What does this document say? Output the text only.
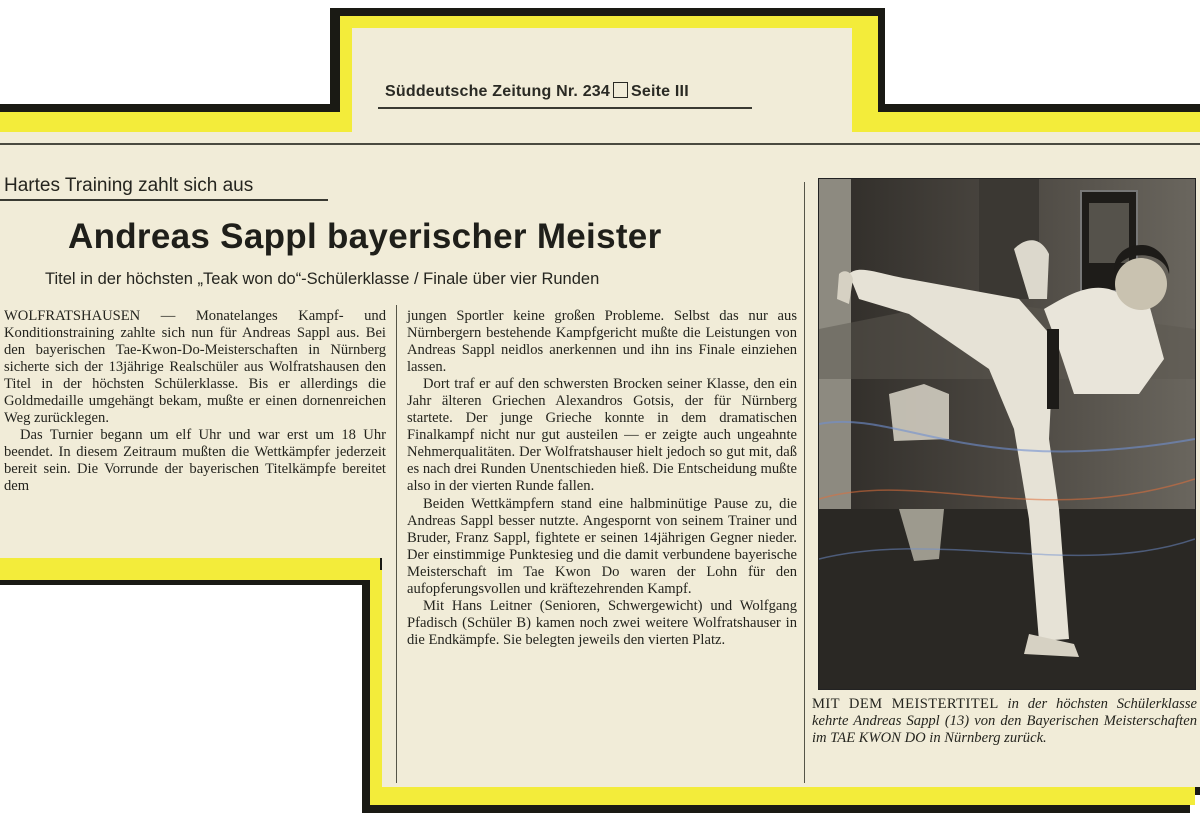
Süddeutsche Zeitung Nr. 234 Seite III
Hartes Training zahlt sich aus
Andreas Sappl bayerischer Meister
Titel in der höchsten „Teak won do“-Schülerklasse / Finale über vier Runden

WOLFRATSHAUSEN — Monatelanges Kampf- und Konditionstraining zahlte sich nun für Andreas Sappl aus. Bei den bayerischen Tae-Kwon-Do-Meisterschaften in Nürnberg sicherte sich der 13jährige Realschüler aus Wolfratshausen den Titel in der höchsten Schülerklasse. Bis er allerdings die Goldmedaille umgehängt bekam, mußte er einen dornenreichen Weg zurücklegen.

Das Turnier begann um elf Uhr und war erst um 18 Uhr beendet. In diesem Zeitraum mußten die Wettkämpfer jederzeit bereit sein. Die Vorrunde der bayerischen Titelkämpfe bereitet dem

jungen Sportler keine großen Probleme. Selbst das nur aus Nürnbergern bestehende Kampfgericht mußte die Leistungen von Andreas Sappl neidlos anerkennen und ihn ins Finale einziehen lassen.

Dort traf er auf den schwersten Brocken seiner Klasse, den ein Jahr älteren Griechen Alexandros Gotsis, der für Nürnberg startete. Der junge Grieche konnte in dem dramatischen Finalkampf nicht nur gut austeilen — er zeigte auch ungeahnte Nehmerqualitäten. Der Wolfratshauser hielt jedoch so gut mit, daß es nach drei Runden Unentschieden hieß. Die Entscheidung mußte also in der vierten Runde fallen.

Beiden Wettkämpfern stand eine halbminütige Pause zu, die Andreas Sappl besser nutzte. Angespornt von seinem Trainer und Bruder, Franz Sappl, fightete er seinen 14jährigen Gegner nieder. Der einstimmige Punktesieg und die damit verbundene bayerische Meisterschaft im Tae Kwon Do waren der Lohn für den aufopferungsvollen und kräftezehrenden Kampf.

Mit Hans Leitner (Senioren, Schwergewicht) und Wolfgang Pfadisch (Schüler B) kamen noch zwei weitere Wolfratshauser in die Endkämpfe. Sie belegten jeweils den vierten Platz.

MIT DEM MEISTERTITEL in der höchsten Schülerklasse kehrte Andreas Sappl (13) von den Bayerischen Meisterschaften im TAE KWON DO in Nürnberg zurück.
